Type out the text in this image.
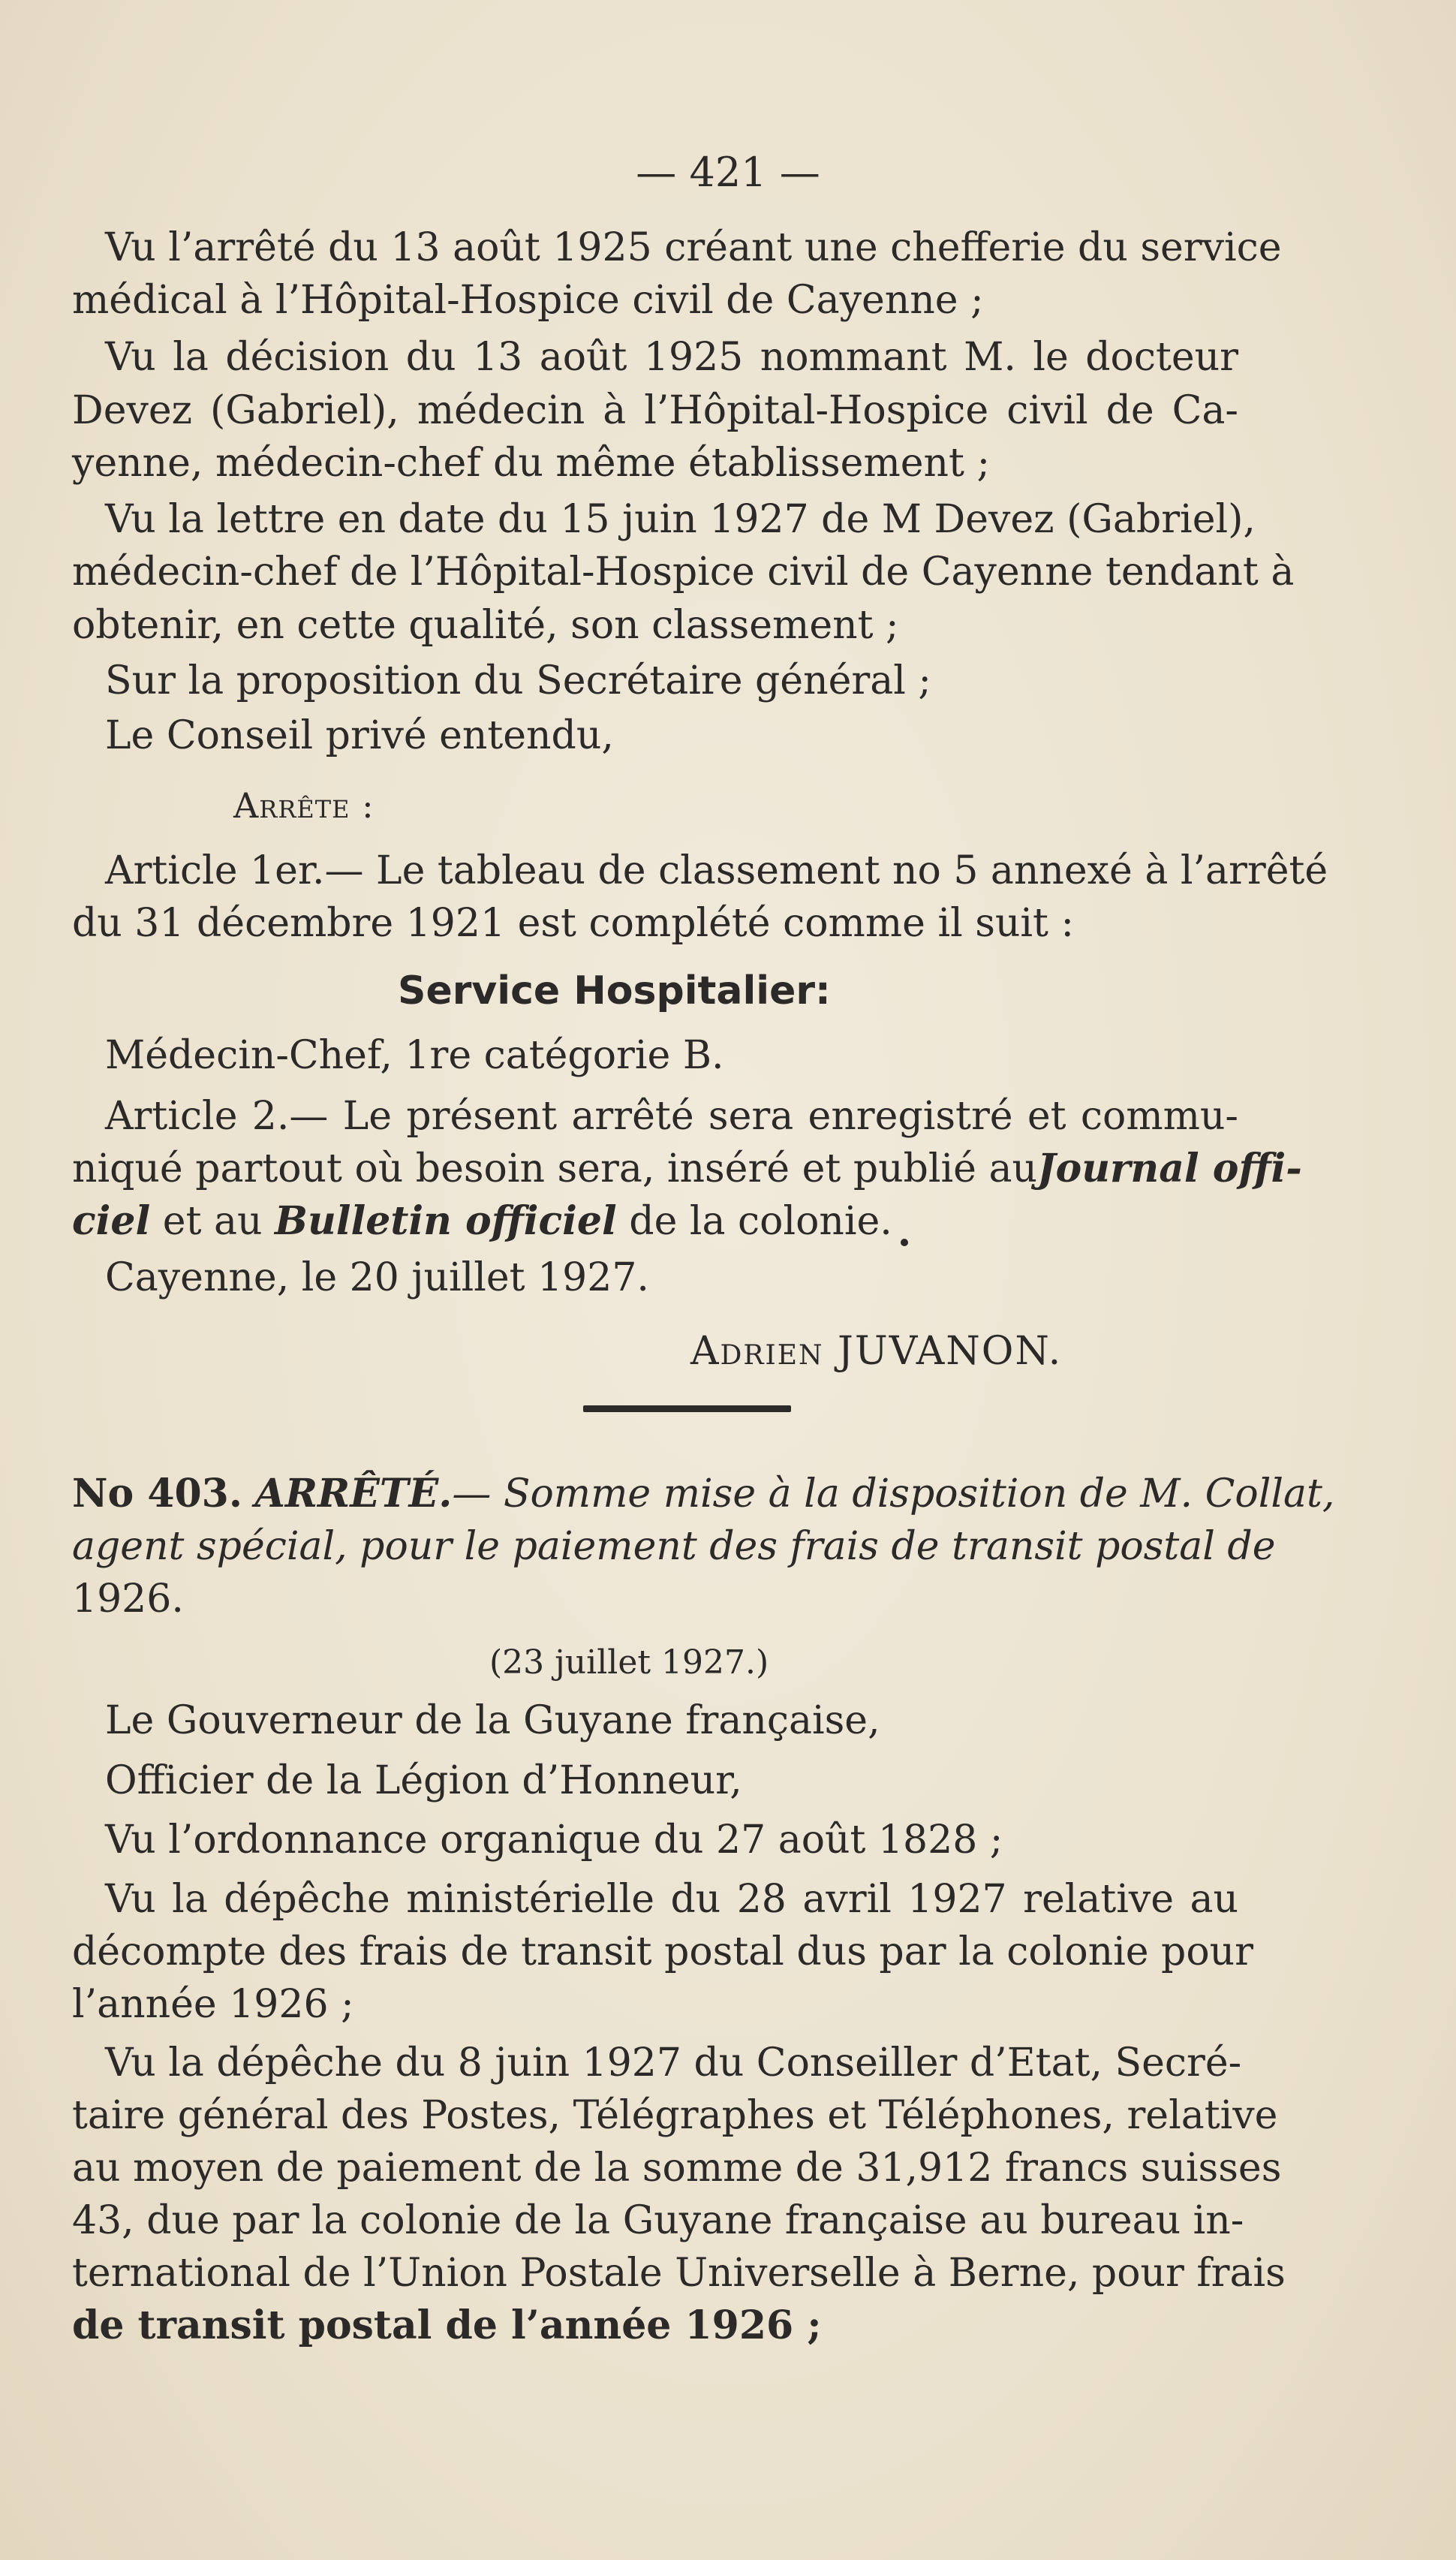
— 421 —
Vu l’arrêté du 13 août 1925 créant une chefferie du service
médical à l’Hôpital-Hospice civil de Cayenne ;
Vu la décision du 13 août 1925 nommant M. le docteur
Devez (Gabriel), médecin à l’Hôpital-Hospice civil de Ca-
yenne, médecin-chef du même établissement ;
Vu la lettre en date du 15 juin 1927 de M Devez (Gabriel),
médecin-chef de l’Hôpital-Hospice civil de Cayenne tendant à
obtenir, en cette qualité, son classement ;
Sur la proposition du Secrétaire général ;
Le Conseil privé entendu,
Arrête :
Article 1er.— Le tableau de classement no 5 annexé à l’arrêté
du 31 décembre 1921 est complété comme il suit :
Service Hospitalier:
Médecin-Chef, 1re catégorie B.
Article 2.— Le présent arrêté sera enregistré et commu-
niqué partout où besoin sera, inséré et publié au Journal offi-
ciel et au Bulletin officiel de la colonie.
Cayenne, le 20 juillet 1927.
Adrien JUVANON.
No 403. ARRÊTÉ. — Somme mise à la disposition de M. Collat,
agent spécial, pour le paiement des frais de transit postal de
1926.
(23 juillet 1927.)
Le Gouverneur de la Guyane française,
Officier de la Légion d’Honneur,
Vu l’ordonnance organique du 27 août 1828 ;
Vu la dépêche ministérielle du 28 avril 1927 relative au
décompte des frais de transit postal dus par la colonie pour
l’année 1926 ;
Vu la dépêche du 8 juin 1927 du Conseiller d’Etat, Secré-
taire général des Postes, Télégraphes et Téléphones, relative
au moyen de paiement de la somme de 31,912 francs suisses
43, due par la colonie de la Guyane française au bureau in-
ternational de l’Union Postale Universelle à Berne, pour frais
de transit postal de l’année 1926 ;
